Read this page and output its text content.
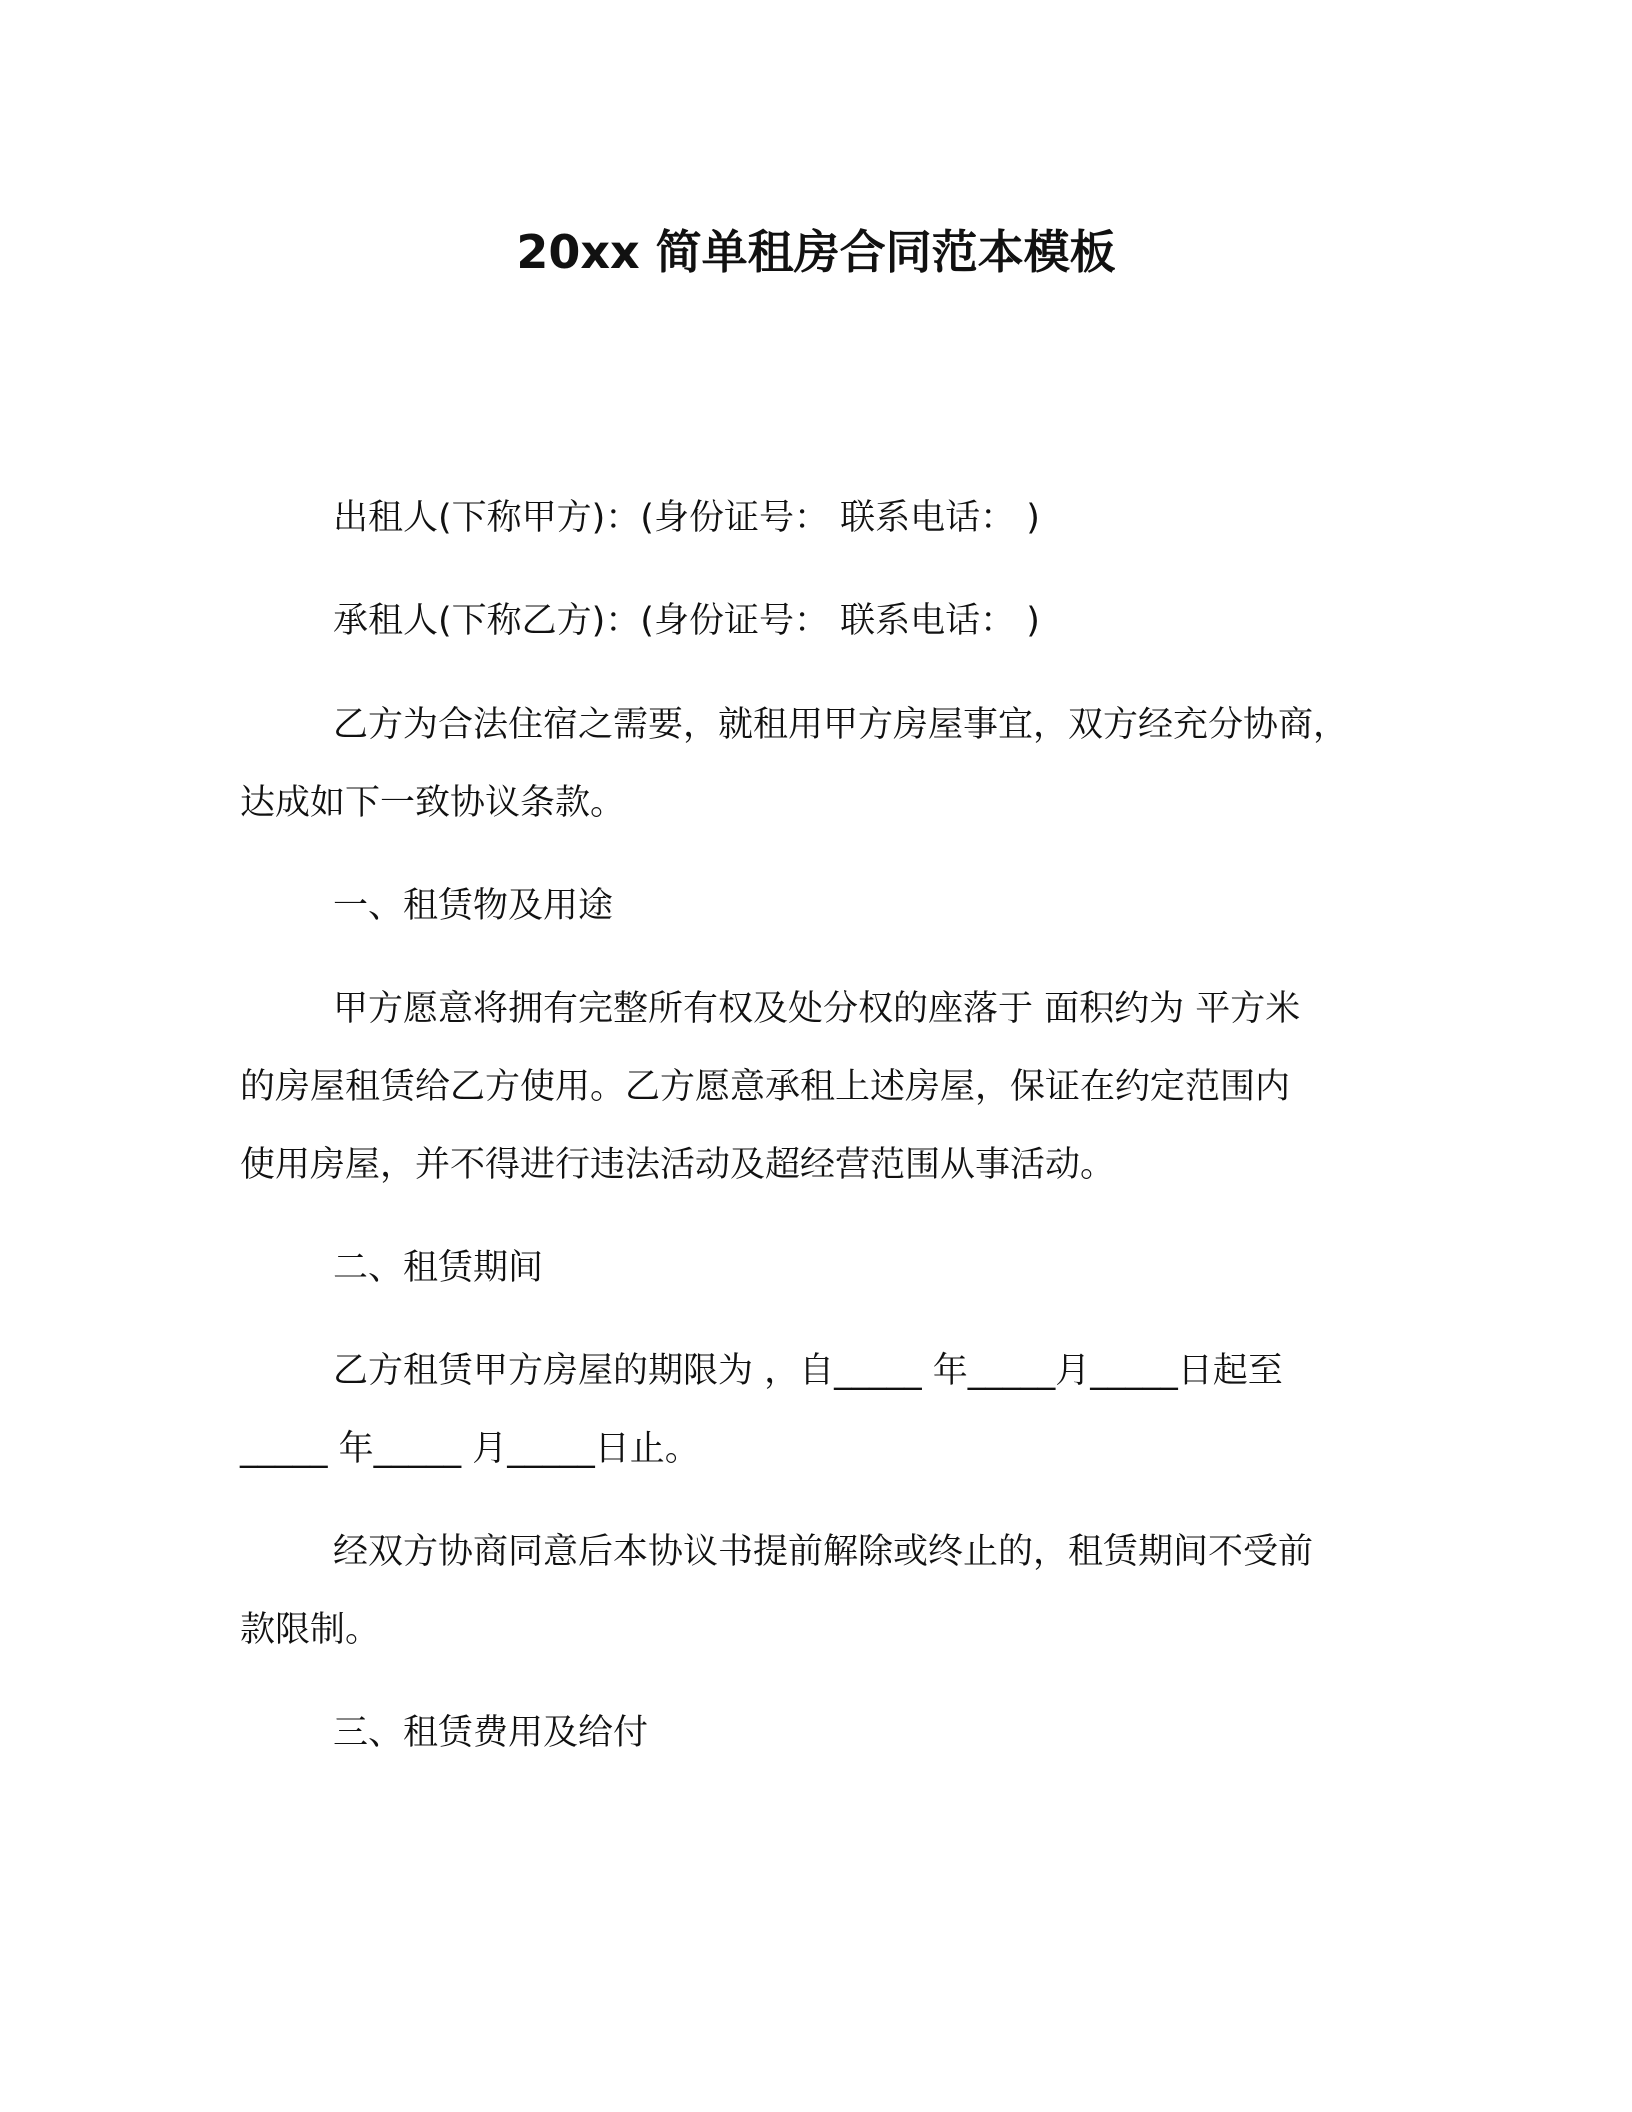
20xx 简单租房合同范本模板

出租人(下称甲方)：(身份证号： 联系电话： )

承租人(下称乙方)：(身份证号： 联系电话： )

乙方为合法住宿之需要，就租用甲方房屋事宜，双方经充分协商，

达成如下一致协议条款。

一、租赁物及用途

甲方愿意将拥有完整所有权及处分权的座落于 面积约为 平方米

的房屋租赁给乙方使用。乙方愿意承租上述房屋，保证在约定范围内

使用房屋，并不得进行违法活动及超经营范围从事活动。

二、租赁期间

乙方租赁甲方房屋的期限为 ，自_____ 年_____月_____日起至

_____ 年_____ 月_____日止。

经双方协商同意后本协议书提前解除或终止的，租赁期间不受前

款限制。

三、租赁费用及给付
